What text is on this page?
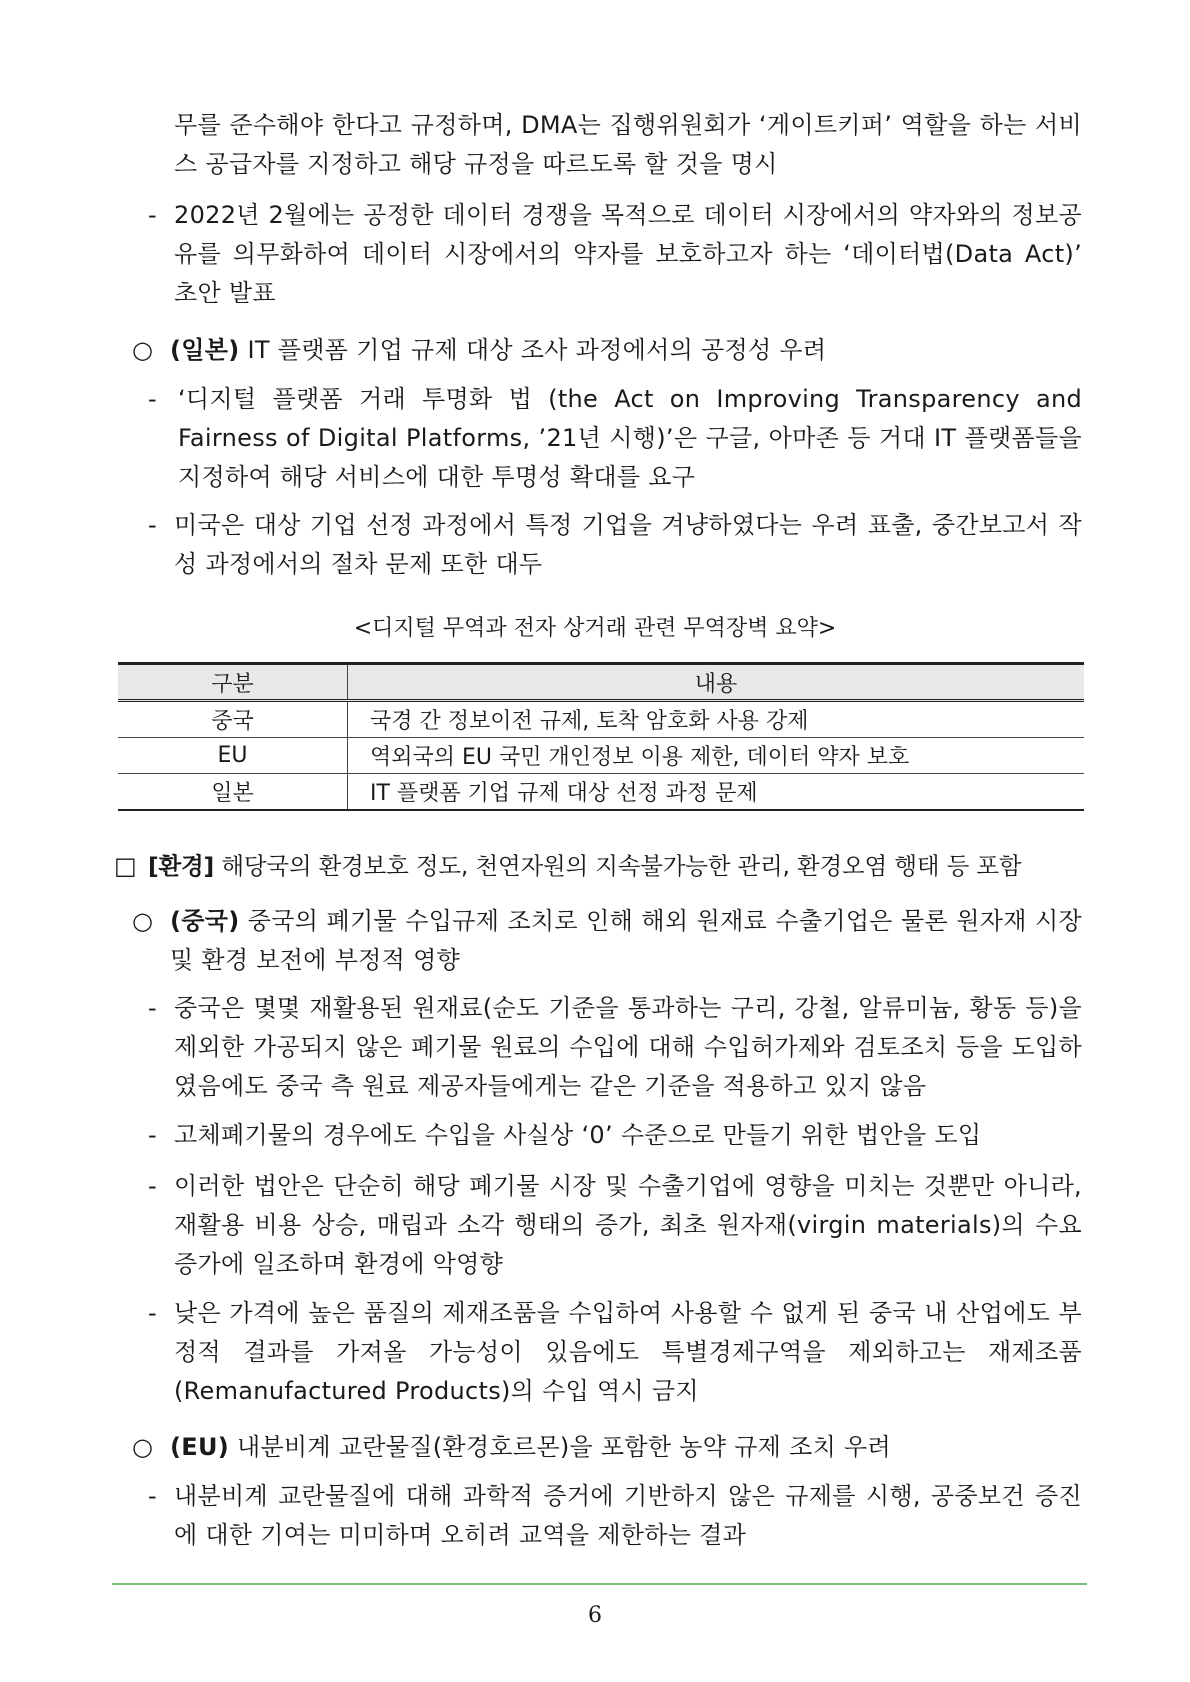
무를 준수해야 한다고 규정하며, DMA는 집행위원회가 ‘게이트키퍼’ 역할을 하는 서비스 공급자를 지정하고 해당 규정을 따르도록 할 것을 명시

- 2022년 2월에는 공정한 데이터 경쟁을 목적으로 데이터 시장에서의 약자와의 정보공유를 의무화하여 데이터 시장에서의 약자를 보호하고자 하는 ‘데이터법(Data Act)’ 초안 발표

○ (일본) IT 플랫폼 기업 규제 대상 조사 과정에서의 공정성 우려

- ‘디지털 플랫폼 거래 투명화 법 (the Act on Improving Transparency and Fairness of Digital Platforms, ’21년 시행)’은 구글, 아마존 등 거대 IT 플랫폼들을 지정하여 해당 서비스에 대한 투명성 확대를 요구

- 미국은 대상 기업 선정 과정에서 특정 기업을 겨냥하였다는 우려 표출, 중간보고서 작성 과정에서의 절차 문제 또한 대두

<디지털 무역과 전자 상거래 관련 무역장벽 요약>
구분	내용
중국	국경 간 정보이전 규제, 토착 암호화 사용 강제
EU	역외국의 EU 국민 개인정보 이용 제한, 데이터 약자 보호
일본	IT 플랫폼 기업 규제 대상 선정 과정 문제
□ [환경] 해당국의 환경보호 정도, 천연자원의 지속불가능한 관리, 환경오염 행태 등 포함

○ (중국) 중국의 폐기물 수입규제 조치로 인해 해외 원재료 수출기업은 물론 원자재 시장 및 환경 보전에 부정적 영향

- 중국은 몇몇 재활용된 원재료(순도 기준을 통과하는 구리, 강철, 알류미늄, 황동 등)을 제외한 가공되지 않은 폐기물 원료의 수입에 대해 수입허가제와 검토조치 등을 도입하였음에도 중국 측 원료 제공자들에게는 같은 기준을 적용하고 있지 않음

- 고체폐기물의 경우에도 수입을 사실상 ‘0’ 수준으로 만들기 위한 법안을 도입

- 이러한 법안은 단순히 해당 폐기물 시장 및 수출기업에 영향을 미치는 것뿐만 아니라, 재활용 비용 상승, 매립과 소각 행태의 증가, 최초 원자재(virgin materials)의 수요 증가에 일조하며 환경에 악영향

- 낮은 가격에 높은 품질의 제재조품을 수입하여 사용할 수 없게 된 중국 내 산업에도 부정적 결과를 가져올 가능성이 있음에도 특별경제구역을 제외하고는 재제조품(Remanufactured Products)의 수입 역시 금지

○ (EU) 내분비계 교란물질(환경호르몬)을 포함한 농약 규제 조치 우려

- 내분비계 교란물질에 대해 과학적 증거에 기반하지 않은 규제를 시행, 공중보건 증진에 대한 기여는 미미하며 오히려 교역을 제한하는 결과

6
